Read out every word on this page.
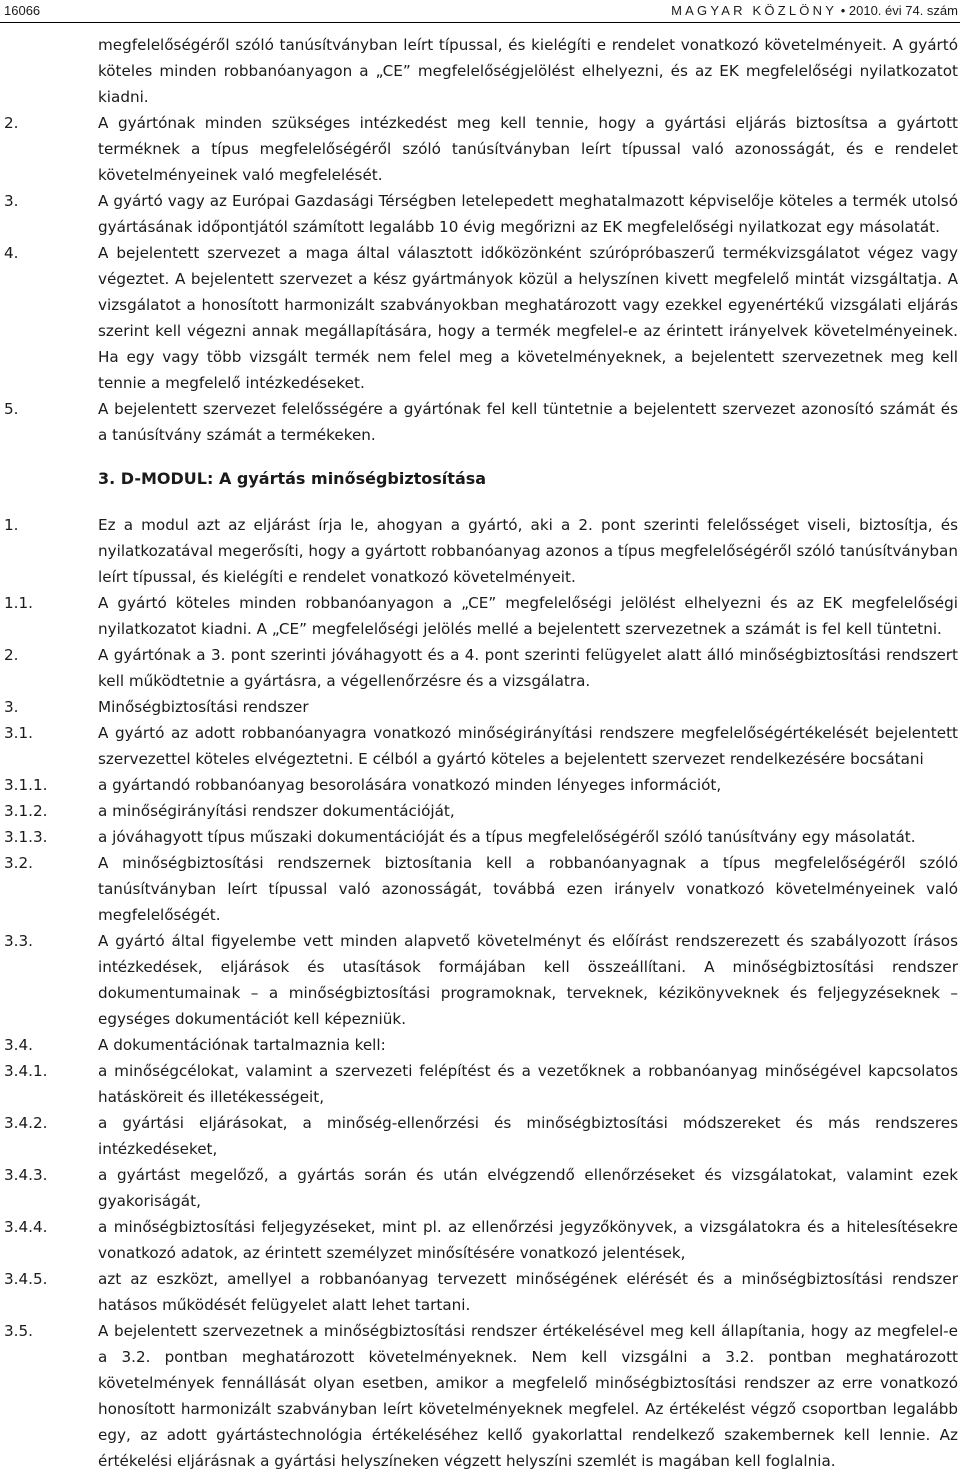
16066	MAGYAR KÖZLÖNY • 2010. évi 74. szám
megfelelőségéről szóló tanúsítványban leírt típussal, és kielégíti e rendelet vonatkozó követelményeit. A gyártó köteles minden robbanóanyagon a „CE” megfelelőségjelölést elhelyezni, és az EK megfelelőségi nyilatkozatot kiadni.
2.	A gyártónak minden szükséges intézkedést meg kell tennie, hogy a gyártási eljárás biztosítsa a gyártott terméknek a típus megfelelőségéről szóló tanúsítványban leírt típussal való azonosságát, és e rendelet követelményeinek való megfelelését.
3.	A gyártó vagy az Európai Gazdasági Térségben letelepedett meghatalmazott képviselője köteles a termék utolsó gyártásának időpontjától számított legalább 10 évig megőrizni az EK megfelelőségi nyilatkozat egy másolatát.
4.	A bejelentett szervezet a maga által választott időközönként szúrópróbaszerű termékvizsgálatot végez vagy végeztet. A bejelentett szervezet a kész gyártmányok közül a helyszínen kivett megfelelő mintát vizsgáltatja. A vizsgálatot a honosított harmonizált szabványokban meghatározott vagy ezekkel egyenértékű vizsgálati eljárás szerint kell végezni annak megállapítására, hogy a termék megfelel-e az érintett irányelvek követelményeinek. Ha egy vagy több vizsgált termék nem felel meg a követelményeknek, a bejelentett szervezetnek meg kell tennie a megfelelő intézkedéseket.
5.	A bejelentett szervezet felelősségére a gyártónak fel kell tüntetnie a bejelentett szervezet azonosító számát és a tanúsítvány számát a termékeken.
3. D-MODUL: A gyártás minőségbiztosítása
1.	Ez a modul azt az eljárást írja le, ahogyan a gyártó, aki a 2. pont szerinti felelősséget viseli, biztosítja, és nyilatkozatával megerősíti, hogy a gyártott robbanóanyag azonos a típus megfelelőségéről szóló tanúsítványban leírt típussal, és kielégíti e rendelet vonatkozó követelményeit.
1.1.	A gyártó köteles minden robbanóanyagon a „CE” megfelelőségi jelölést elhelyezni és az EK megfelelőségi nyilatkozatot kiadni. A „CE” megfelelőségi jelölés mellé a bejelentett szervezetnek a számát is fel kell tüntetni.
2.	A gyártónak a 3. pont szerinti jóváhagyott és a 4. pont szerinti felügyelet alatt álló minőségbiztosítási rendszert kell működtetnie a gyártásra, a végellenőrzésre és a vizsgálatra.
3.	Minőségbiztosítási rendszer
3.1.	A gyártó az adott robbanóanyagra vonatkozó minőségirányítási rendszere megfelelőségértékelését bejelentett szervezettel köteles elvégeztetni. E célból a gyártó köteles a bejelentett szervezet rendelkezésére bocsátani
3.1.1.	a gyártandó robbanóanyag besorolására vonatkozó minden lényeges információt,
3.1.2.	a minőségirányítási rendszer dokumentációját,
3.1.3.	a jóváhagyott típus műszaki dokumentációját és a típus megfelelőségéről szóló tanúsítvány egy másolatát.
3.2.	A minőségbiztosítási rendszernek biztosítania kell a robbanóanyagnak a típus megfelelőségéről szóló tanúsítványban leírt típussal való azonosságát, továbbá ezen irányelv vonatkozó követelményeinek való megfelelőségét.
3.3.	A gyártó által figyelembe vett minden alapvető követelményt és előírást rendszerezett és szabályozott írásos intézkedések, eljárások és utasítások formájában kell összeállítani. A minőségbiztosítási rendszer dokumentumainak – a minőségbiztosítási programoknak, terveknek, kézikönyveknek és feljegyzéseknek – egységes dokumentációt kell képezniük.
3.4.	A dokumentációnak tartalmaznia kell:
3.4.1.	a minőségcélokat, valamint a szervezeti felépítést és a vezetőknek a robbanóanyag minőségével kapcsolatos hatásköreit és illetékességeit,
3.4.2.	a gyártási eljárásokat, a minőség-ellenőrzési és minőségbiztosítási módszereket és más rendszeres intézkedéseket,
3.4.3.	a gyártást megelőző, a gyártás során és után elvégzendő ellenőrzéseket és vizsgálatokat, valamint ezek gyakoriságát,
3.4.4.	a minőségbiztosítási feljegyzéseket, mint pl. az ellenőrzési jegyzőkönyvek, a vizsgálatokra és a hitelesítésekre vonatkozó adatok, az érintett személyzet minősítésére vonatkozó jelentések,
3.4.5.	azt az eszközt, amellyel a robbanóanyag tervezett minőségének elérését és a minőségbiztosítási rendszer hatásos működését felügyelet alatt lehet tartani.
3.5.	A bejelentett szervezetnek a minőségbiztosítási rendszer értékelésével meg kell állapítania, hogy az megfelel-e a 3.2. pontban meghatározott követelményeknek. Nem kell vizsgálni a 3.2. pontban meghatározott követelmények fennállását olyan esetben, amikor a megfelelő minőségbiztosítási rendszer az erre vonatkozó honosított harmonizált szabványban leírt követelményeknek megfelel. Az értékelést végző csoportban legalább egy, az adott gyártástechnológia értékeléséhez kellő gyakorlattal rendelkező szakembernek kell lennie. Az értékelési eljárásnak a gyártási helyszíneken végzett helyszíni szemlét is magában kell foglalnia.
